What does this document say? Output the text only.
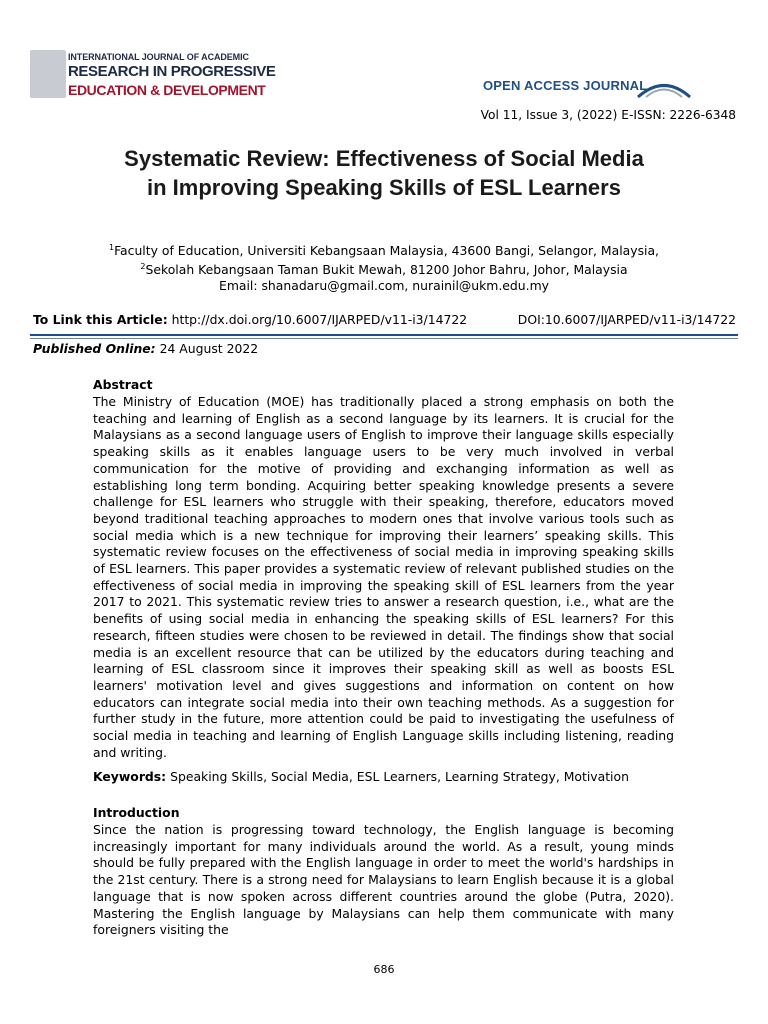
INTERNATIONAL JOURNAL OF ACADEMIC
RESEARCH IN PROGRESSIVE
EDUCATION & DEVELOPMENT	OPEN ACCESS JOURNAL
Vol 11, Issue 3, (2022) E-ISSN: 2226-6348
Systematic Review: Effectiveness of Social Media
in Improving Speaking Skills of ESL Learners
$^1$Faculty of Education, Universiti Kebangsaan Malaysia, 43600 Bangi, Selangor, Malaysia,
$^2$Sekolah Kebangsaan Taman Bukit Mewah, 81200 Johor Bahru, Johor, Malaysia
Email: shanadaru@gmail.com, nurainil@ukm.edu.my
To Link this Article: http://dx.doi.org/10.6007/IJARPED/v11-i3/14722	DOI:10.6007/IJARPED/v11-i3/14722
Published Online: 24 August 2022
Abstract
The Ministry of Education (MOE) has traditionally placed a strong emphasis on both the teaching and learning of English as a second language by its learners. It is crucial for the Malaysians as a second language users of English to improve their language skills especially speaking skills as it enables language users to be very much involved in verbal communication for the motive of providing and exchanging information as well as establishing long term bonding. Acquiring better speaking knowledge presents a severe challenge for ESL learners who struggle with their speaking, therefore, educators moved beyond traditional teaching approaches to modern ones that involve various tools such as social media which is a new technique for improving their learners’ speaking skills. This systematic review focuses on the effectiveness of social media in improving speaking skills of ESL learners. This paper provides a systematic review of relevant published studies on the effectiveness of social media in improving the speaking skill of ESL learners from the year 2017 to 2021. This systematic review tries to answer a research question, i.e., what are the benefits of using social media in enhancing the speaking skills of ESL learners? For this research, fifteen studies were chosen to be reviewed in detail. The findings show that social media is an excellent resource that can be utilized by the educators during teaching and learning of ESL classroom since it improves their speaking skill as well as boosts ESL learners' motivation level and gives suggestions and information on content on how educators can integrate social media into their own teaching methods. As a suggestion for further study in the future, more attention could be paid to investigating the usefulness of social media in teaching and learning of English Language skills including listening, reading and writing.
Keywords: Speaking Skills, Social Media, ESL Learners, Learning Strategy, Motivation
Introduction
Since the nation is progressing toward technology, the English language is becoming increasingly important for many individuals around the world. As a result, young minds should be fully prepared with the English language in order to meet the world's hardships in the 21st century. There is a strong need for Malaysians to learn English because it is a global language that is now spoken across different countries around the globe (Putra, 2020). Mastering the English language by Malaysians can help them communicate with many foreigners visiting the
686
